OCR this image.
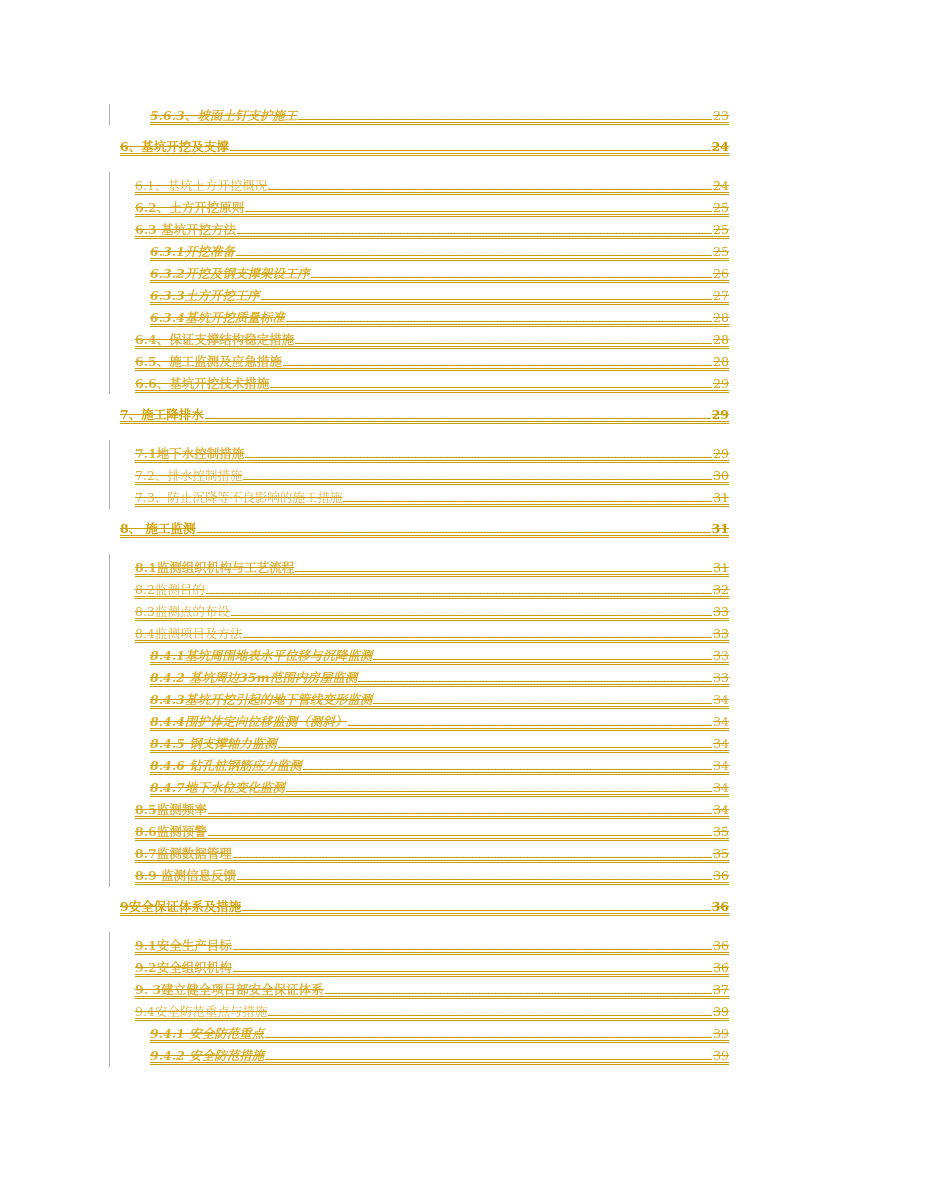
5.6.3、坡面土钉支护施工 .....	23
6、基坑开挖及支撑 .....	24
6.1、基坑土方开挖概况 .....	24
6.2、土方开挖原则 .....	25
6.3 基坑开挖方法 .....	25
6.3.1开挖准备 .....	25
6.3.2开挖及钢支撑架设工序 .....	26
6.3.3土方开挖工序 .....	27
6.3.4基坑开挖质量标准 .....	28
6.4、保证支撑结构稳定措施 .....	28
6.5、施工监测及应急措施 .....	28
6.6、基坑开挖技术措施 .....	29
7、施工降排水 .....	29
7.1地下水控制措施 .....	29
7.2、排水控制措施 .....	30
7.3、防止沉降等不良影响的施工措施 .....	31
8、 施工监测 .....	31
8.1监测组织机构与工艺流程 .....	31
8.2监测目的 .....	32
8.3监测点的布设 .....	33
8.4监测项目及方法 .....	33
8.4.1基坑周围地表水平位移与沉降监测 .....	33
8.4.2 基坑周边35m范围内房屋监测 .....	33
8.4.3基坑开挖引起的地下管线变形监测 .....	34
8.4.4围护体定向位移监测（测斜） .....	34
8.4.5 钢支撑轴力监测 .....	34
8.4.6 钻孔桩钢筋应力监测 .....	34
8.4.7地下水位变化监测 .....	34
8.5监测频率 .....	34
8.6监测预警 .....	35
8.7监测数据管理 .....	35
8.9 监测信息反馈 .....	36
9安全保证体系及措施 .....	36
9.1安全生产目标 .....	36
9.2安全组织机构 .....	36
9. 3建立健全项目部安全保证体系 .....	37
9.4安全防范重点与措施 .....	39
9.4.1 安全防范重点 .....	39
9.4.2 安全防范措施 .....	39
